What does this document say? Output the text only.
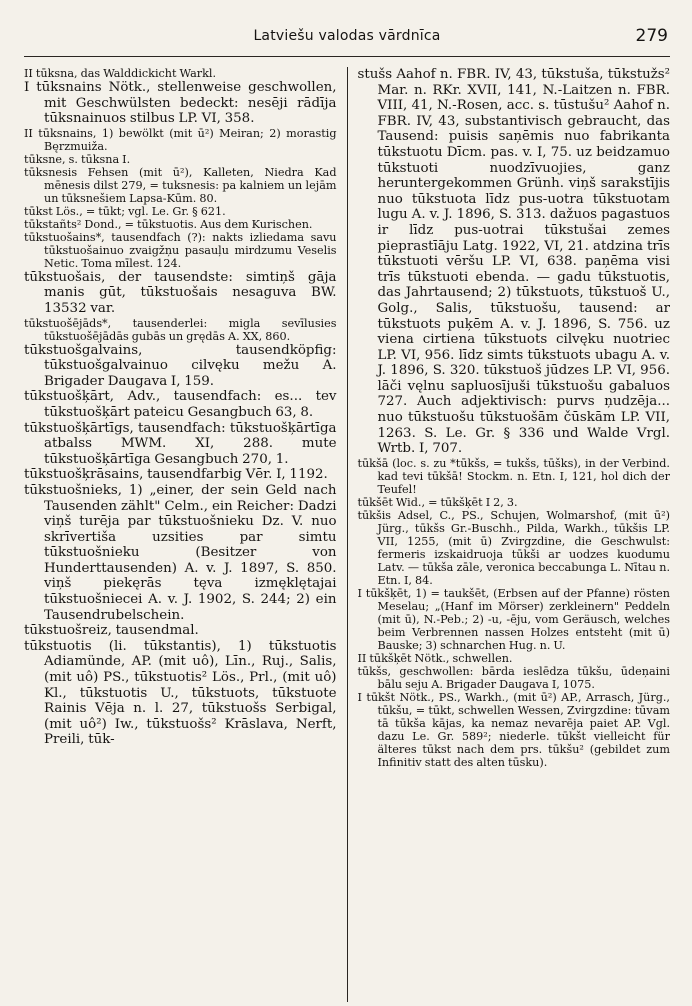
Latviešu valodas vārdnīca	279

II tūksna, das Walddickicht Warkl.

I tūksnains Nötk., stellenweise geschwollen, mit Geschwülsten bedeckt: nesēji rādīja tūksnainuos stilbus LP. VI, 358.

II tūksnains, 1) bewölkt (mit ū²) Meiran; 2) morastig Bęrzmuiža.

tūksne, s. tūksna I.

tūksnesis Fehsen (mit ū²), Kalleten, Niedra Kad mēnesis dilst 279, = tuksnesis: pa kalniem un lejām un tūksnešiem Lapsa-Kūm. 80.

tūkst Lös., = tūkt; vgl. Le. Gr. § 621.

tūkstañts² Dond., = tūkstuotis. Aus dem Kurischen.

tūkstuošains*, tausendfach (?): nakts izliedama savu tūkstuošainuo zvaigžņu pasauļu mirdzumu Veselis Netic. Toma mīlest. 124.

tūkstuošais, der tausendste: simtiņš gāja manis gūt, tūkstuošais nesaguva BW. 13532 var.

tūkstuošējāds*, tausenderlei: migla sevīlusies tūkstuošējādās gubās un grędās A. XX, 860.

tūkstuošgalvains, tausendköpfig: tūkstuošgalvainuo cilvęku mežu A. Brigader Daugava I, 159.

tūkstuošķārt, Adv., tausendfach: es... tev tūkstuošķārt pateicu Gesangbuch 63, 8.

tūkstuošķārtīgs, tausendfach: tūkstuošķārtīga atbalss MWM. XI, 288. mute tūkstuošķārtīga Gesangbuch 270, 1.

tūkstuošķrāsains, tausendfarbig Vēr. I, 1192.

tūkstuošnieks, 1) „einer, der sein Geld nach Tausenden zählt" Celm., ein Reicher: Dadzi viņš turēja par tūkstuošnieku Dz. V. nuo skrīvertiša uzsities par simtu tūkstuošnieku (Besitzer von Hunderttausenden) A. v. J. 1897, S. 850. viņš piekęrās tęva izmęklętajai tūkstuošniecei A. v. J. 1902, S. 244; 2) ein Tausendrubelschein.

tūkstuošreiz, tausendmal.

tūkstuotis (li. tūkstantis), 1) tūkstuotis Adiamünde, AP. (mit uô), Līn., Ruj., Salis, (mit uô) PS., tūkstuotis² Lös., Prl., (mit uô) Kl., tūkstuotis U., tūkstuots, tūkstuote Rainis Vēja n. l. 27, tūkstuošs Serbigal, (mit uô²) Iw., tūkstuošs² Krāslava, Nerft, Preili, tūk-

stušs Aahof n. FBR. IV, 43, tūkstuša, tūkstužs² Mar. n. RKr. XVII, 141, N.-Laitzen n. FBR. VIII, 41, N.-Rosen, acc. s. tūstušu² Aahof n. FBR. IV, 43, substantivisch gebraucht, das Tausend: puisis saņēmis nuo fabrikanta tūkstuotu Dīcm. pas. v. I, 75. uz beidzamuo tūkstuoti nuodzīvuojies, ganz heruntergekommen Grünh. viņš sarakstījis nuo tūkstuota līdz pus-uotra tūkstuotam lugu A. v. J. 1896, S. 313. dažuos pagastuos ir līdz pus-uotrai tūkstušai zemes pieprastīāju Latg. 1922, VI, 21. atdzina trīs tūkstuoti vēršu LP. VI, 638. paņēma visi trīs tūkstuoti ebenda. — gadu tūkstuotis, das Jahrtausend; 2) tūkstuots, tūkstuoš U., Golg., Salis, tūkstuošu, tausend: ar tūkstuots puķēm A. v. J. 1896, S. 756. uz viena cirtiena tūkstuots cilvęku nuotriec LP. VI, 956. līdz simts tūkstuots ubagu A. v. J. 1896, S. 320. tūkstuoš jūdzes LP. VI, 956. lāči vęlnu sapluosījuši tūkstuošu gabaluos 727. Auch adjektivisch: purvs ņudzēja... nuo tūkstuošu tūkstuošām čūskām LP. VII, 1263. S. Le. Gr. § 336 und Walde Vrgl. Wrtb. I, 707.

tūkšā (loc. s. zu *tūkšs, = tukšs, tūšks), in der Verbind. kad tevi tūkšā! Stockm. n. Etn. I, 121, hol dich der Teufel!

tūkšēt Wid., = tūkšķēt I 2, 3.

tūkšis Adsel, C., PS., Schujen, Wolmarshof, (mit ū²) Jürg., tūkšs Gr.-Buschh., Pilda, Warkh., tūkšis LP. VII, 1255, (mit ū) Zvirgzdine, die Geschwulst: fermeris izskaidruoja tūkši ar uodzes kuodumu Latv. — tūkša zāle, veronica beccabunga L. Nītau n. Etn. I, 84.

I tūkšķēt, 1) = taukšēt, (Erbsen auf der Pfanne) rösten Meselau; „(Hanf im Mörser) zerkleinern" Peddeln (mit ū), N.-Peb.; 2) -u, -ēju, vom Geräusch, welches beim Verbrennen nassen Holzes entsteht (mit ū) Bauske; 3) schnarchen Hug. n. U.

II tūkšķēt Nötk., schwellen.

tūkšs, geschwollen: bārda ieslēdza tūkšu, ūdeņaini bālu seju A. Brigader Daugava I, 1075.

I tūkšt Nötk., PS., Warkh., (mit ū²) AP., Arrasch, Jürg., tūkšu, = tūkt, schwellen Wessen, Zvirgzdine: tūvam tā tūkša kājas, ka nemaz nevarēja paiet AP. Vgl. dazu Le. Gr. 589²; niederle. tūkšt vielleicht für älteres tūkst nach dem prs. tūkšu² (gebildet zum Infinitiv statt des alten tūsku).
